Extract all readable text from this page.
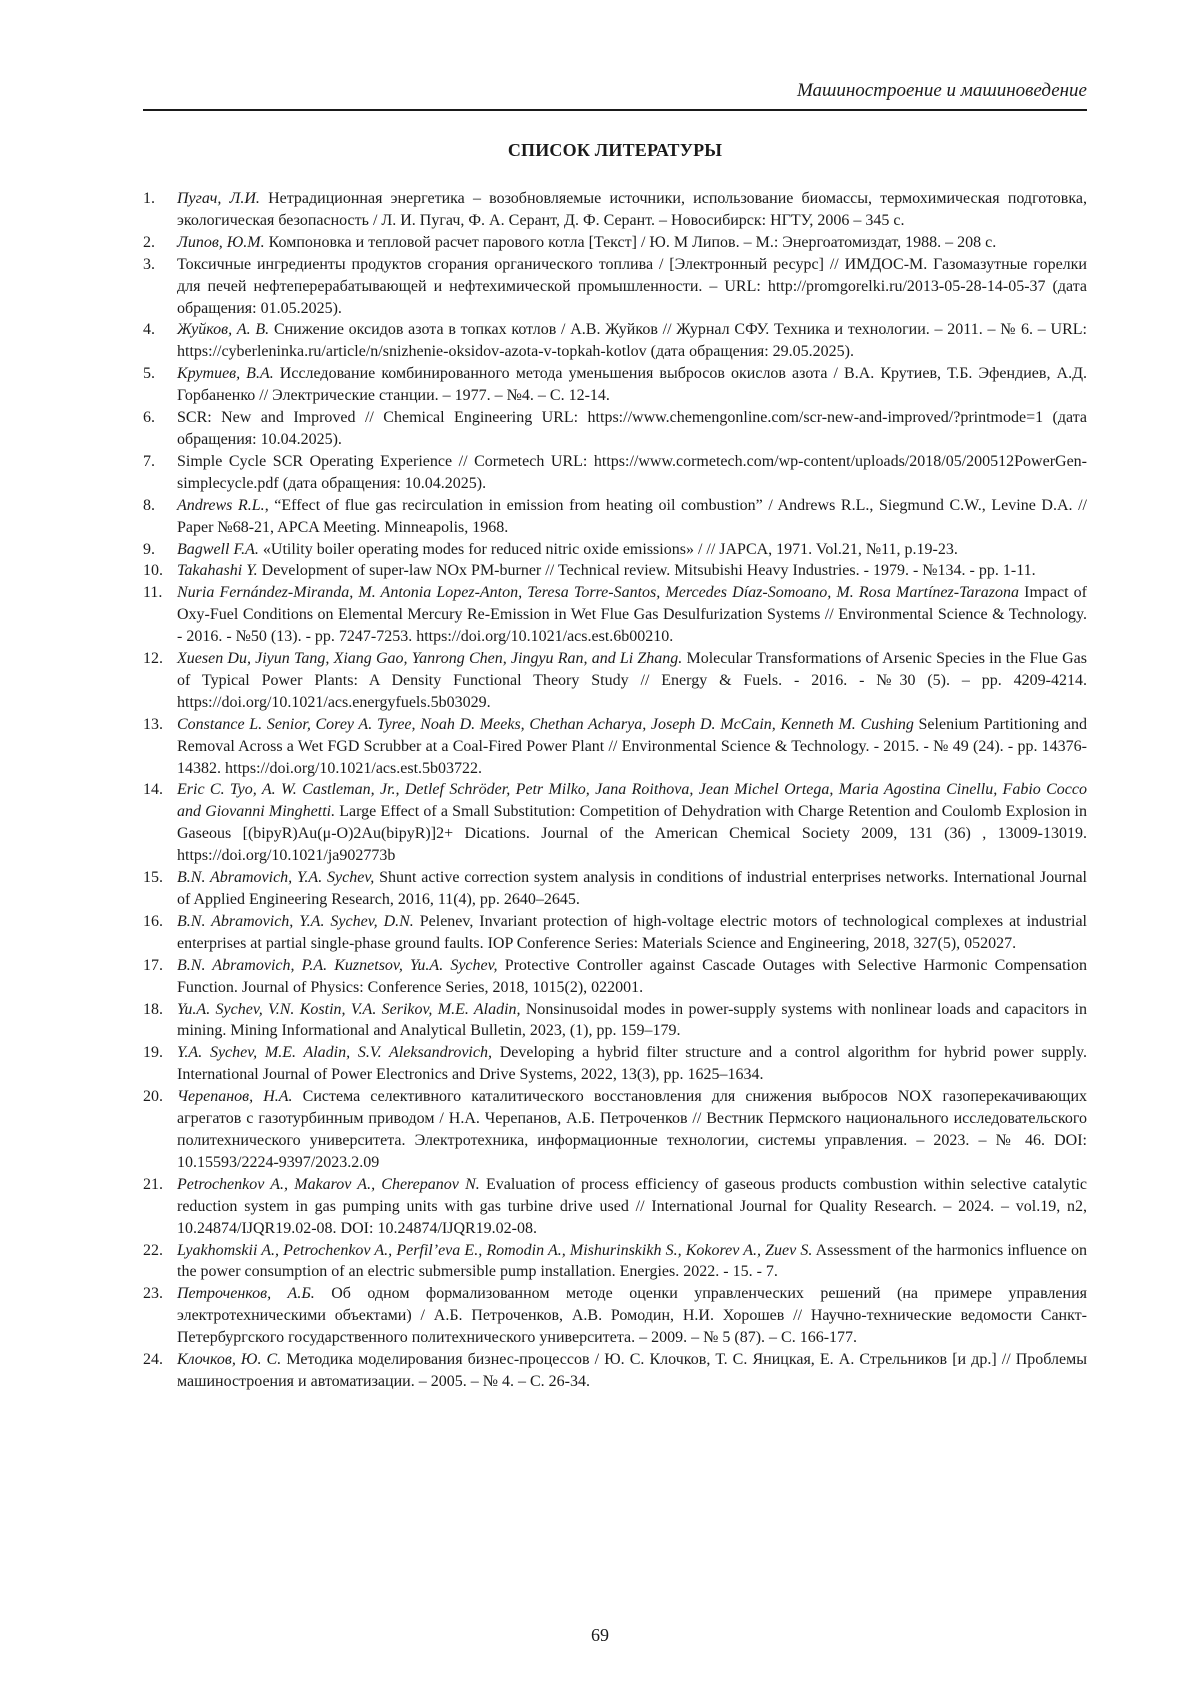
Машиностроение и машиноведение
СПИСОК ЛИТЕРАТУРЫ
1.	Пугач, Л.И. Нетрадиционная энергетика – возобновляемые источники, использование биомассы, термохимическая подготовка, экологическая безопасность / Л. И. Пугач, Ф. А. Серант, Д. Ф. Серант. – Новосибирск: НГТУ, 2006 – 345 с.
2.	Липов, Ю.М. Компоновка и тепловой расчет парового котла [Текст] / Ю. М Липов. – М.: Энергоатомиздат, 1988. – 208 с.
3.	Токсичные ингредиенты продуктов сгорания органического топлива / [Электронный ресурс] // ИМДОС-М. Газомазутные горелки для печей нефтеперерабатывающей и нефтехимической промышленности. – URL: http://promgorelki.ru/2013-05-28-14-05-37 (дата обращения: 01.05.2025).
4.	Жуйков, А. В. Снижение оксидов азота в топках котлов / А.В. Жуйков // Журнал СФУ. Техника и технологии. – 2011. – № 6. – URL: https://cyberleninka.ru/article/n/snizhenie-oksidov-azota-v-topkah-kotlov (дата обращения: 29.05.2025).
5.	Крутиев, В.А. Исследование комбинированного метода уменьшения выбросов окислов азота / В.А. Крутиев, Т.Б. Эфендиев, А.Д. Горбаненко // Электрические станции. – 1977. – №4. – С. 12-14.
6.	SCR: New and Improved // Chemical Engineering URL: https://www.chemengonline.com/scr-new-and-improved/?printmode=1 (дата обращения: 10.04.2025).
7.	Simple Cycle SCR Operating Experience // Cormetech URL: https://www.cormetech.com/wp-content/uploads/2018/05/200512PowerGen-simplecycle.pdf (дата обращения: 10.04.2025).
8.	Andrews R.L., “Effect of flue gas recirculation in emission from heating oil combustion” / Andrews R.L., Siegmund C.W., Levine D.A. // Paper №68-21, APCA Meeting. Minneapolis, 1968.
9.	Bagwell F.A. «Utility boiler operating modes for reduced nitric oxide emissions» / // JAPCA, 1971. Vol.21, №11, p.19-23.
10. Takahashi Y. Development of super-law NOx PM-burner // Technical review. Mitsubishi Heavy Industries. - 1979. - №134. - pp. 1-11.
11. Nuria Fernández-Miranda, M. Antonia Lopez-Anton, Teresa Torre-Santos, Mercedes Díaz-Somoano, M. Rosa Martínez-Tarazona Impact of Oxy-Fuel Conditions on Elemental Mercury Re-Emission in Wet Flue Gas Desulfurization Systems // Environmental Science & Technology. - 2016. - №50 (13). - pp. 7247-7253. https://doi.org/10.1021/acs.est.6b00210.
12. Xuesen Du, Jiyun Tang, Xiang Gao, Yanrong Chen, Jingyu Ran, and Li Zhang. Molecular Transformations of Arsenic Species in the Flue Gas of Typical Power Plants: A Density Functional Theory Study // Energy & Fuels. - 2016. - №30 (5). – pp. 4209-4214. https://doi.org/10.1021/acs.energyfuels.5b03029.
13. Constance L. Senior, Corey A. Tyree, Noah D. Meeks, Chethan Acharya, Joseph D. McCain, Kenneth M. Cushing Selenium Partitioning and Removal Across a Wet FGD Scrubber at a Coal-Fired Power Plant // Environmental Science & Technology. - 2015. - № 49 (24). - pp. 14376-14382. https://doi.org/10.1021/acs.est.5b03722.
14. Eric C. Tyo, A. W. Castleman, Jr., Detlef Schröder, Petr Milko, Jana Roithova, Jean Michel Ortega, Maria Agostina Cinellu, Fabio Cocco and Giovanni Minghetti. Large Effect of a Small Substitution: Competition of Dehydration with Charge Retention and Coulomb Explosion in Gaseous [(bipyR)Au(μ-O)2Au(bipyR)]2+ Dications. Journal of the American Chemical Society 2009, 131 (36) , 13009-13019. https://doi.org/10.1021/ja902773b
15. B.N. Abramovich, Y.A. Sychev, Shunt active correction system analysis in conditions of industrial enterprises networks. International Journal of Applied Engineering Research, 2016, 11(4), pp. 2640–2645.
16. B.N. Abramovich, Y.A. Sychev, D.N. Pelenev, Invariant protection of high-voltage electric motors of technological complexes at industrial enterprises at partial single-phase ground faults. IOP Conference Series: Materials Science and Engineering, 2018, 327(5), 052027.
17. B.N. Abramovich, P.A. Kuznetsov, Yu.A. Sychev, Protective Controller against Cascade Outages with Selective Harmonic Compensation Function. Journal of Physics: Conference Series, 2018, 1015(2), 022001.
18. Yu.A. Sychev, V.N. Kostin, V.A. Serikov, M.E. Aladin, Nonsinusoidal modes in power-supply systems with nonlinear loads and capacitors in mining. Mining Informational and Analytical Bulletin, 2023, (1), pp. 159–179.
19. Y.A. Sychev, M.E. Aladin, S.V. Aleksandrovich, Developing a hybrid filter structure and a control algorithm for hybrid power supply. International Journal of Power Electronics and Drive Systems, 2022, 13(3), pp. 1625–1634.
20. Черепанов, Н.А. Система селективного каталитического восстановления для снижения выбросов NOX газоперекачивающих агрегатов с газотурбинным приводом / Н.А. Черепанов, А.Б. Петроченков // Вестник Пермского национального исследовательского политехнического университета. Электротехника, информационные технологии, системы управления. – 2023. – № 46. DOI: 10.15593/2224-9397/2023.2.09
21. Petrochenkov A., Makarov A., Cherepanov N. Evaluation of process efficiency of gaseous products combustion within selective catalytic reduction system in gas pumping units with gas turbine drive used // International Journal for Quality Research. – 2024. – vol.19, n2, 10.24874/IJQR19.02-08. DOI: 10.24874/IJQR19.02-08.
22. Lyakhomskii A., Petrochenkov A., Perfil’eva E., Romodin A., Mishurinskikh S., Kokorev A., Zuev S. Assessment of the harmonics influence on the power consumption of an electric submersible pump installation. Energies. 2022. - 15. - 7.
23. Петроченков, А.Б. Об одном формализованном методе оценки управленческих решений (на примере управления электротехническими объектами) / А.Б. Петроченков, А.В. Ромодин, Н.И. Хорошев // Научно-технические ведомости Санкт-Петербургского государственного политехнического университета. – 2009. – № 5 (87). – С. 166-177.
24. Клочков, Ю. С. Методика моделирования бизнес-процессов / Ю. С. Клочков, Т. С. Яницкая, Е. А. Стрельников [и др.] // Проблемы машиностроения и автоматизации. – 2005. – № 4. – С. 26-34.
69
